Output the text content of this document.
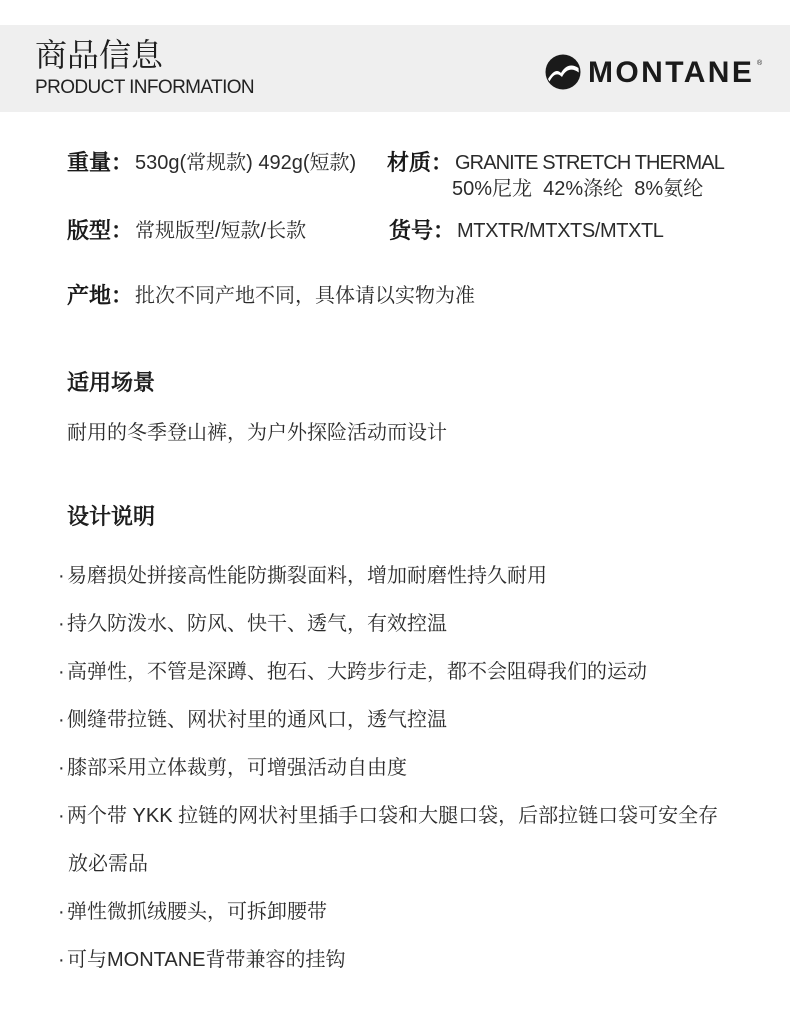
商品信息
PRODUCT INFORMATION	MONTANE ®
重量： 530g(常规款) 492g(短款) 材质： GRANITE STRETCH THERMAL
50%尼龙  42%涤纶  8%氨纶
版型： 常规版型/短款/长款	货号： MTXTR/MTXTS/MTXTL
产地： 批次不同产地不同，具体请以实物为准
适用场景
耐用的冬季登山裤，为户外探险活动而设计
设计说明
· 易磨损处拼接高性能防撕裂面料，增加耐磨性持久耐用
· 持久防泼水、防风、快干、透气，有效控温
· 高弹性，不管是深蹲、抱石、大跨步行走，都不会阻碍我们的运动
· 侧缝带拉链、网状衬里的通风口，透气控温
· 膝部采用立体裁剪，可增强活动自由度
· 两个带 YKK 拉链的网状衬里插手口袋和大腿口袋，后部拉链口袋可安全存
放必需品
· 弹性微抓绒腰头，可拆卸腰带
· 可与MONTANE背带兼容的挂钩
